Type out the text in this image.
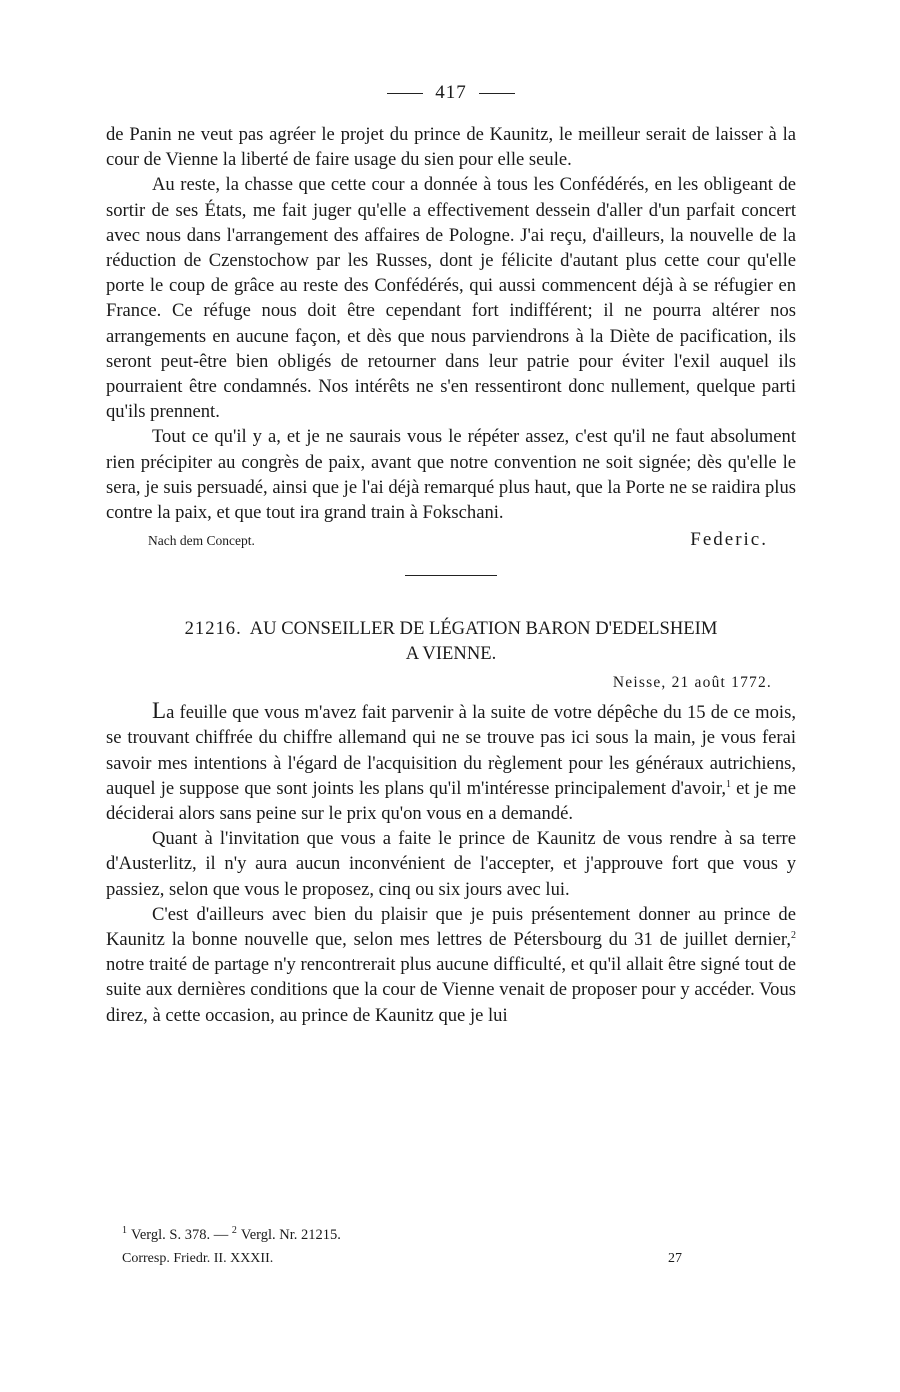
417

de Panin ne veut pas agréer le projet du prince de Kaunitz, le meilleur serait de laisser à la cour de Vienne la liberté de faire usage du sien pour elle seule.

Au reste, la chasse que cette cour a donnée à tous les Confédérés, en les obligeant de sortir de ses États, me fait juger qu'elle a effectivement dessein d'aller d'un parfait concert avec nous dans l'arrangement des affaires de Pologne. J'ai reçu, d'ailleurs, la nouvelle de la réduction de Czenstochow par les Russes, dont je félicite d'autant plus cette cour qu'elle porte le coup de grâce au reste des Confédérés, qui aussi commencent déjà à se réfugier en France. Ce réfuge nous doit être cependant fort indifférent; il ne pourra altérer nos arrangements en aucune façon, et dès que nous parviendrons à la Diète de pacification, ils seront peut-être bien obligés de retourner dans leur patrie pour éviter l'exil auquel ils pourraient être condamnés. Nos intérêts ne s'en ressentiront donc nullement, quelque parti qu'ils prennent.

Tout ce qu'il y a, et je ne saurais vous le répéter assez, c'est qu'il ne faut absolument rien précipiter au congrès de paix, avant que notre convention ne soit signée; dès qu'elle le sera, je suis persuadé, ainsi que je l'ai déjà remarqué plus haut, que la Porte ne se raidira plus contre la paix, et que tout ira grand train à Fokschani.

Nach dem Concept.	Federic.
21216. AU CONSEILLER DE LÉGATION BARON D'EDELSHEIM
A VIENNE.
Neisse, 21 août 1772.

La feuille que vous m'avez fait parvenir à la suite de votre dépêche du 15 de ce mois, se trouvant chiffrée du chiffre allemand qui ne se trouve pas ici sous la main, je vous ferai savoir mes intentions à l'égard de l'acquisition du règlement pour les généraux autrichiens, auquel je suppose que sont joints les plans qu'il m'intéresse principalement d'avoir,$^1$ et je me déciderai alors sans peine sur le prix qu'on vous en a demandé.

Quant à l'invitation que vous a faite le prince de Kaunitz de vous rendre à sa terre d'Austerlitz, il n'y aura aucun inconvénient de l'accepter, et j'approuve fort que vous y passiez, selon que vous le proposez, cinq ou six jours avec lui.

C'est d'ailleurs avec bien du plaisir que je puis présentement donner au prince de Kaunitz la bonne nouvelle que, selon mes lettres de Pétersbourg du 31 de juillet dernier,$^2$ notre traité de partage n'y rencontrerait plus aucune difficulté, et qu'il allait être signé tout de suite aux dernières conditions que la cour de Vienne venait de proposer pour y accéder. Vous direz, à cette occasion, au prince de Kaunitz que je lui

$^1$ Vergl. S. 378. — $^2$ Vergl. Nr. 21215.
Corresp. Friedr. II. XXXII.	27
